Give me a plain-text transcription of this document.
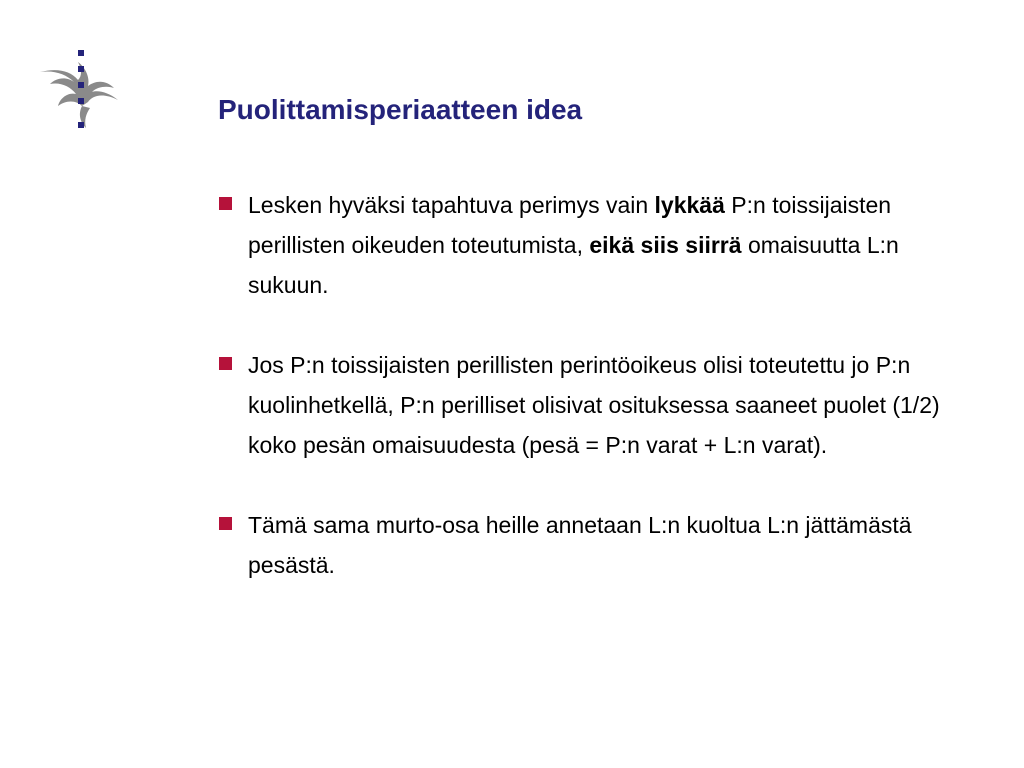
Puolittamisperiaatteen idea
Lesken hyväksi tapahtuva perimys vain lykkää P:n toissijaisten perillisten oikeuden toteutumista, eikä siis siirrä omaisuutta L:n sukuun.
Jos P:n toissijaisten perillisten perintöoikeus olisi toteutettu jo P:n kuolinhetkellä, P:n perilliset olisivat osituksessa saaneet puolet (1/2) koko pesän omaisuudesta (pesä = P:n varat + L:n varat).
Tämä sama murto-osa heille annetaan L:n kuoltua L:n jättämästä pesästä.
